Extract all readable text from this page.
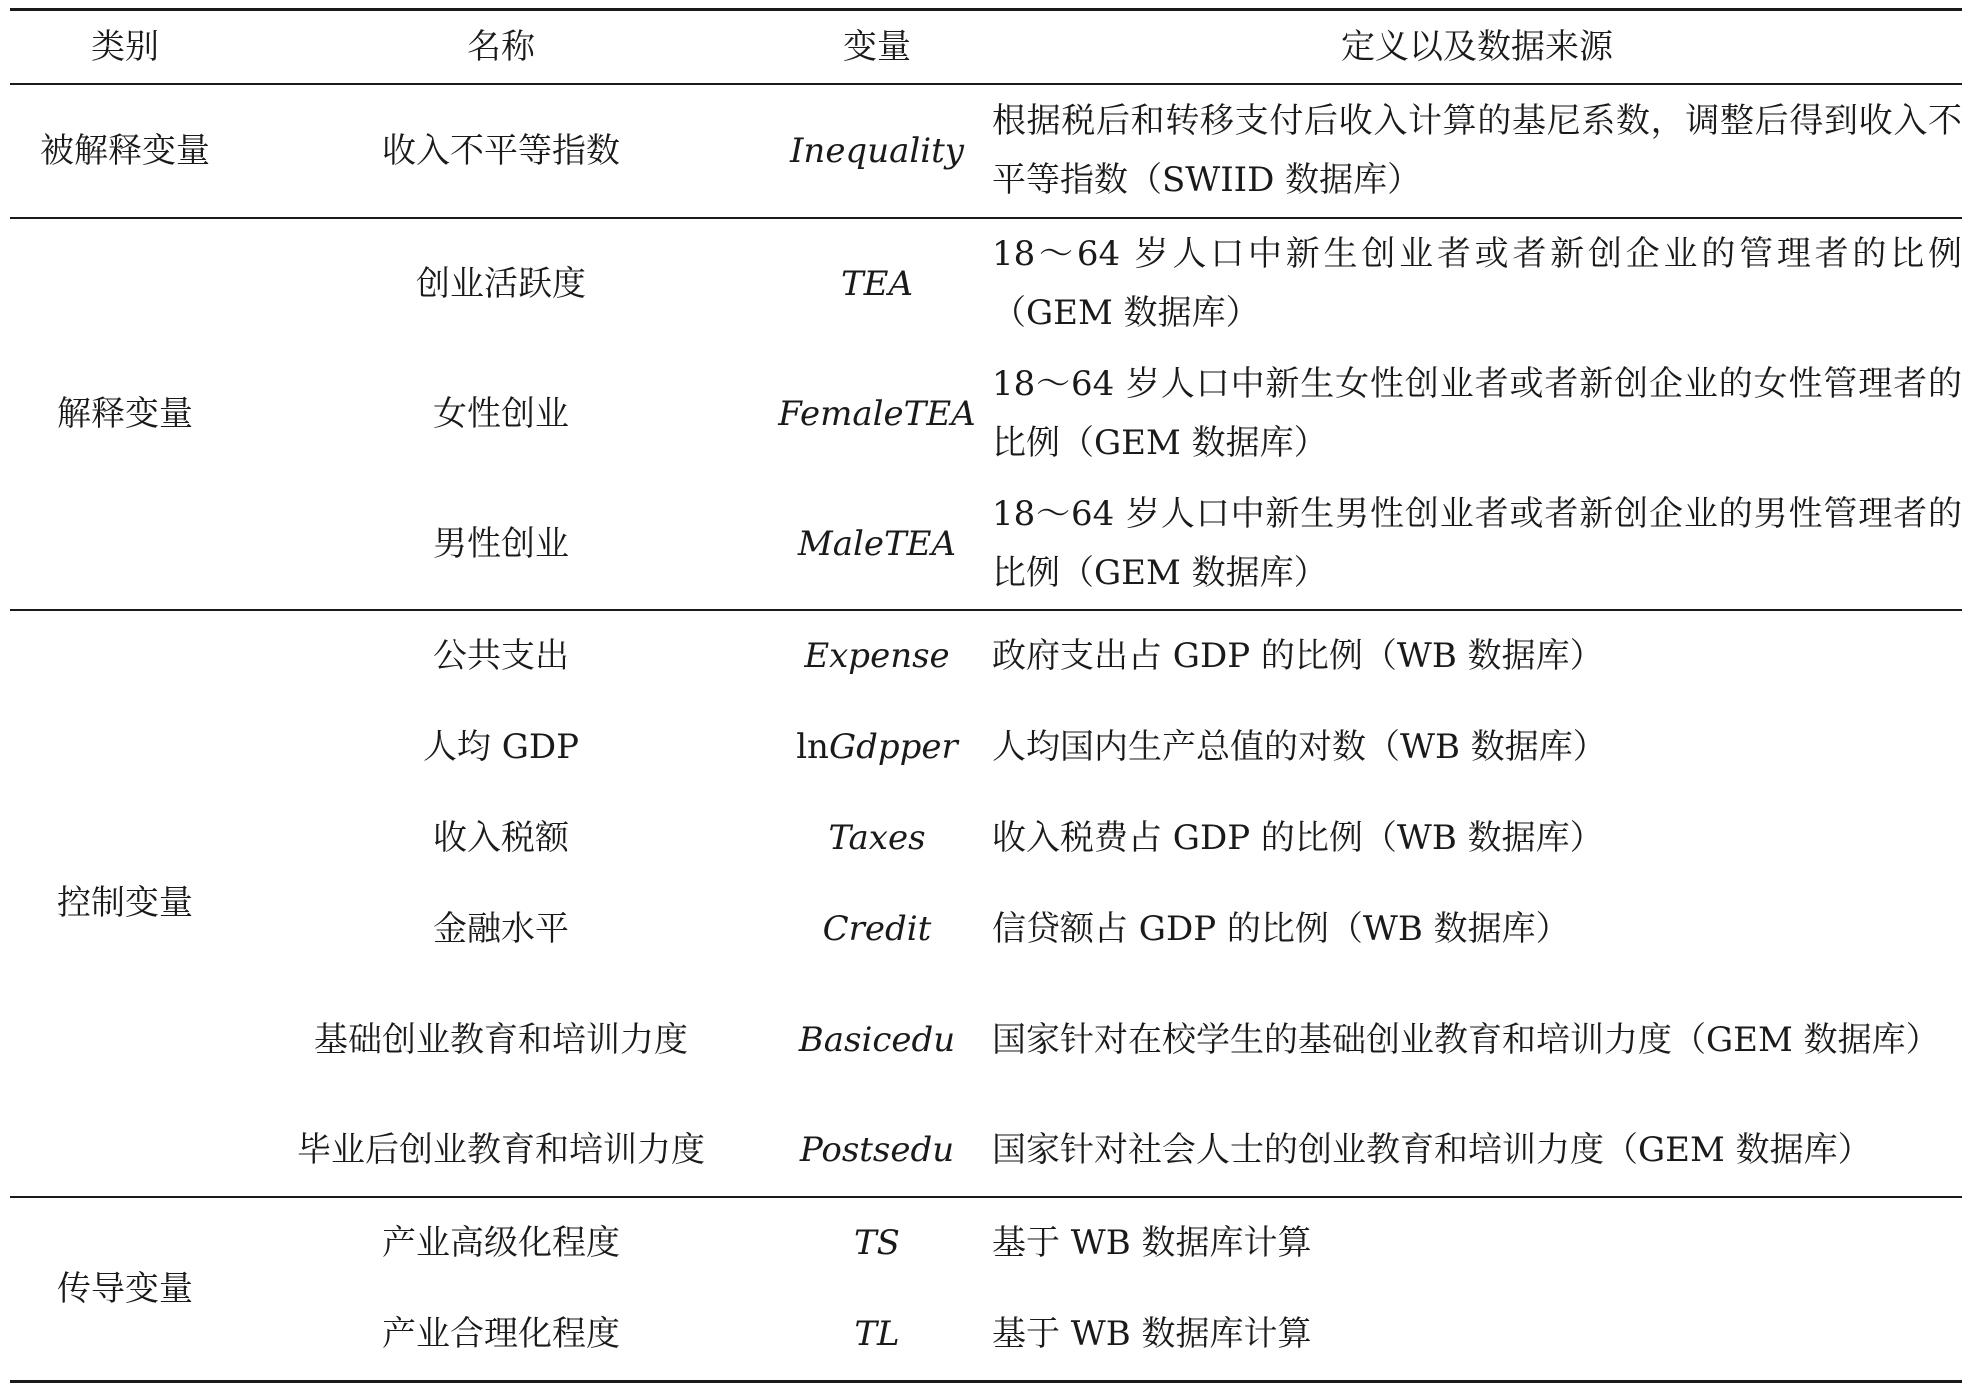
类别	名称	变量	定义以及数据来源
被解释变量	收入不平等指数	Inequality	根据税后和转移支付后收入计算的基尼系数，调整后得到收入不平等指数（SWIID 数据库）
解释变量	创业活跃度	TEA	18～64 岁人口中新生创业者或者新创企业的管理者的比例（GEM 数据库）
	女性创业	FemaleTEA	18～64 岁人口中新生女性创业者或者新创企业的女性管理者的比例（GEM 数据库）
	男性创业	MaleTEA	18～64 岁人口中新生男性创业者或者新创企业的男性管理者的比例（GEM 数据库）
控制变量	公共支出	Expense	政府支出占 GDP 的比例（WB 数据库）
	人均 GDP	lnGdpper	人均国内生产总值的对数（WB 数据库）
	收入税额	Taxes	收入税费占 GDP 的比例（WB 数据库）
	金融水平	Credit	信贷额占 GDP 的比例（WB 数据库）
	基础创业教育和培训力度	Basicedu	国家针对在校学生的基础创业教育和培训力度（GEM 数据库）
	毕业后创业教育和培训力度	Postsedu	国家针对社会人士的创业教育和培训力度（GEM 数据库）
传导变量	产业高级化程度	TS	基于 WB 数据库计算
	产业合理化程度	TL	基于 WB 数据库计算
